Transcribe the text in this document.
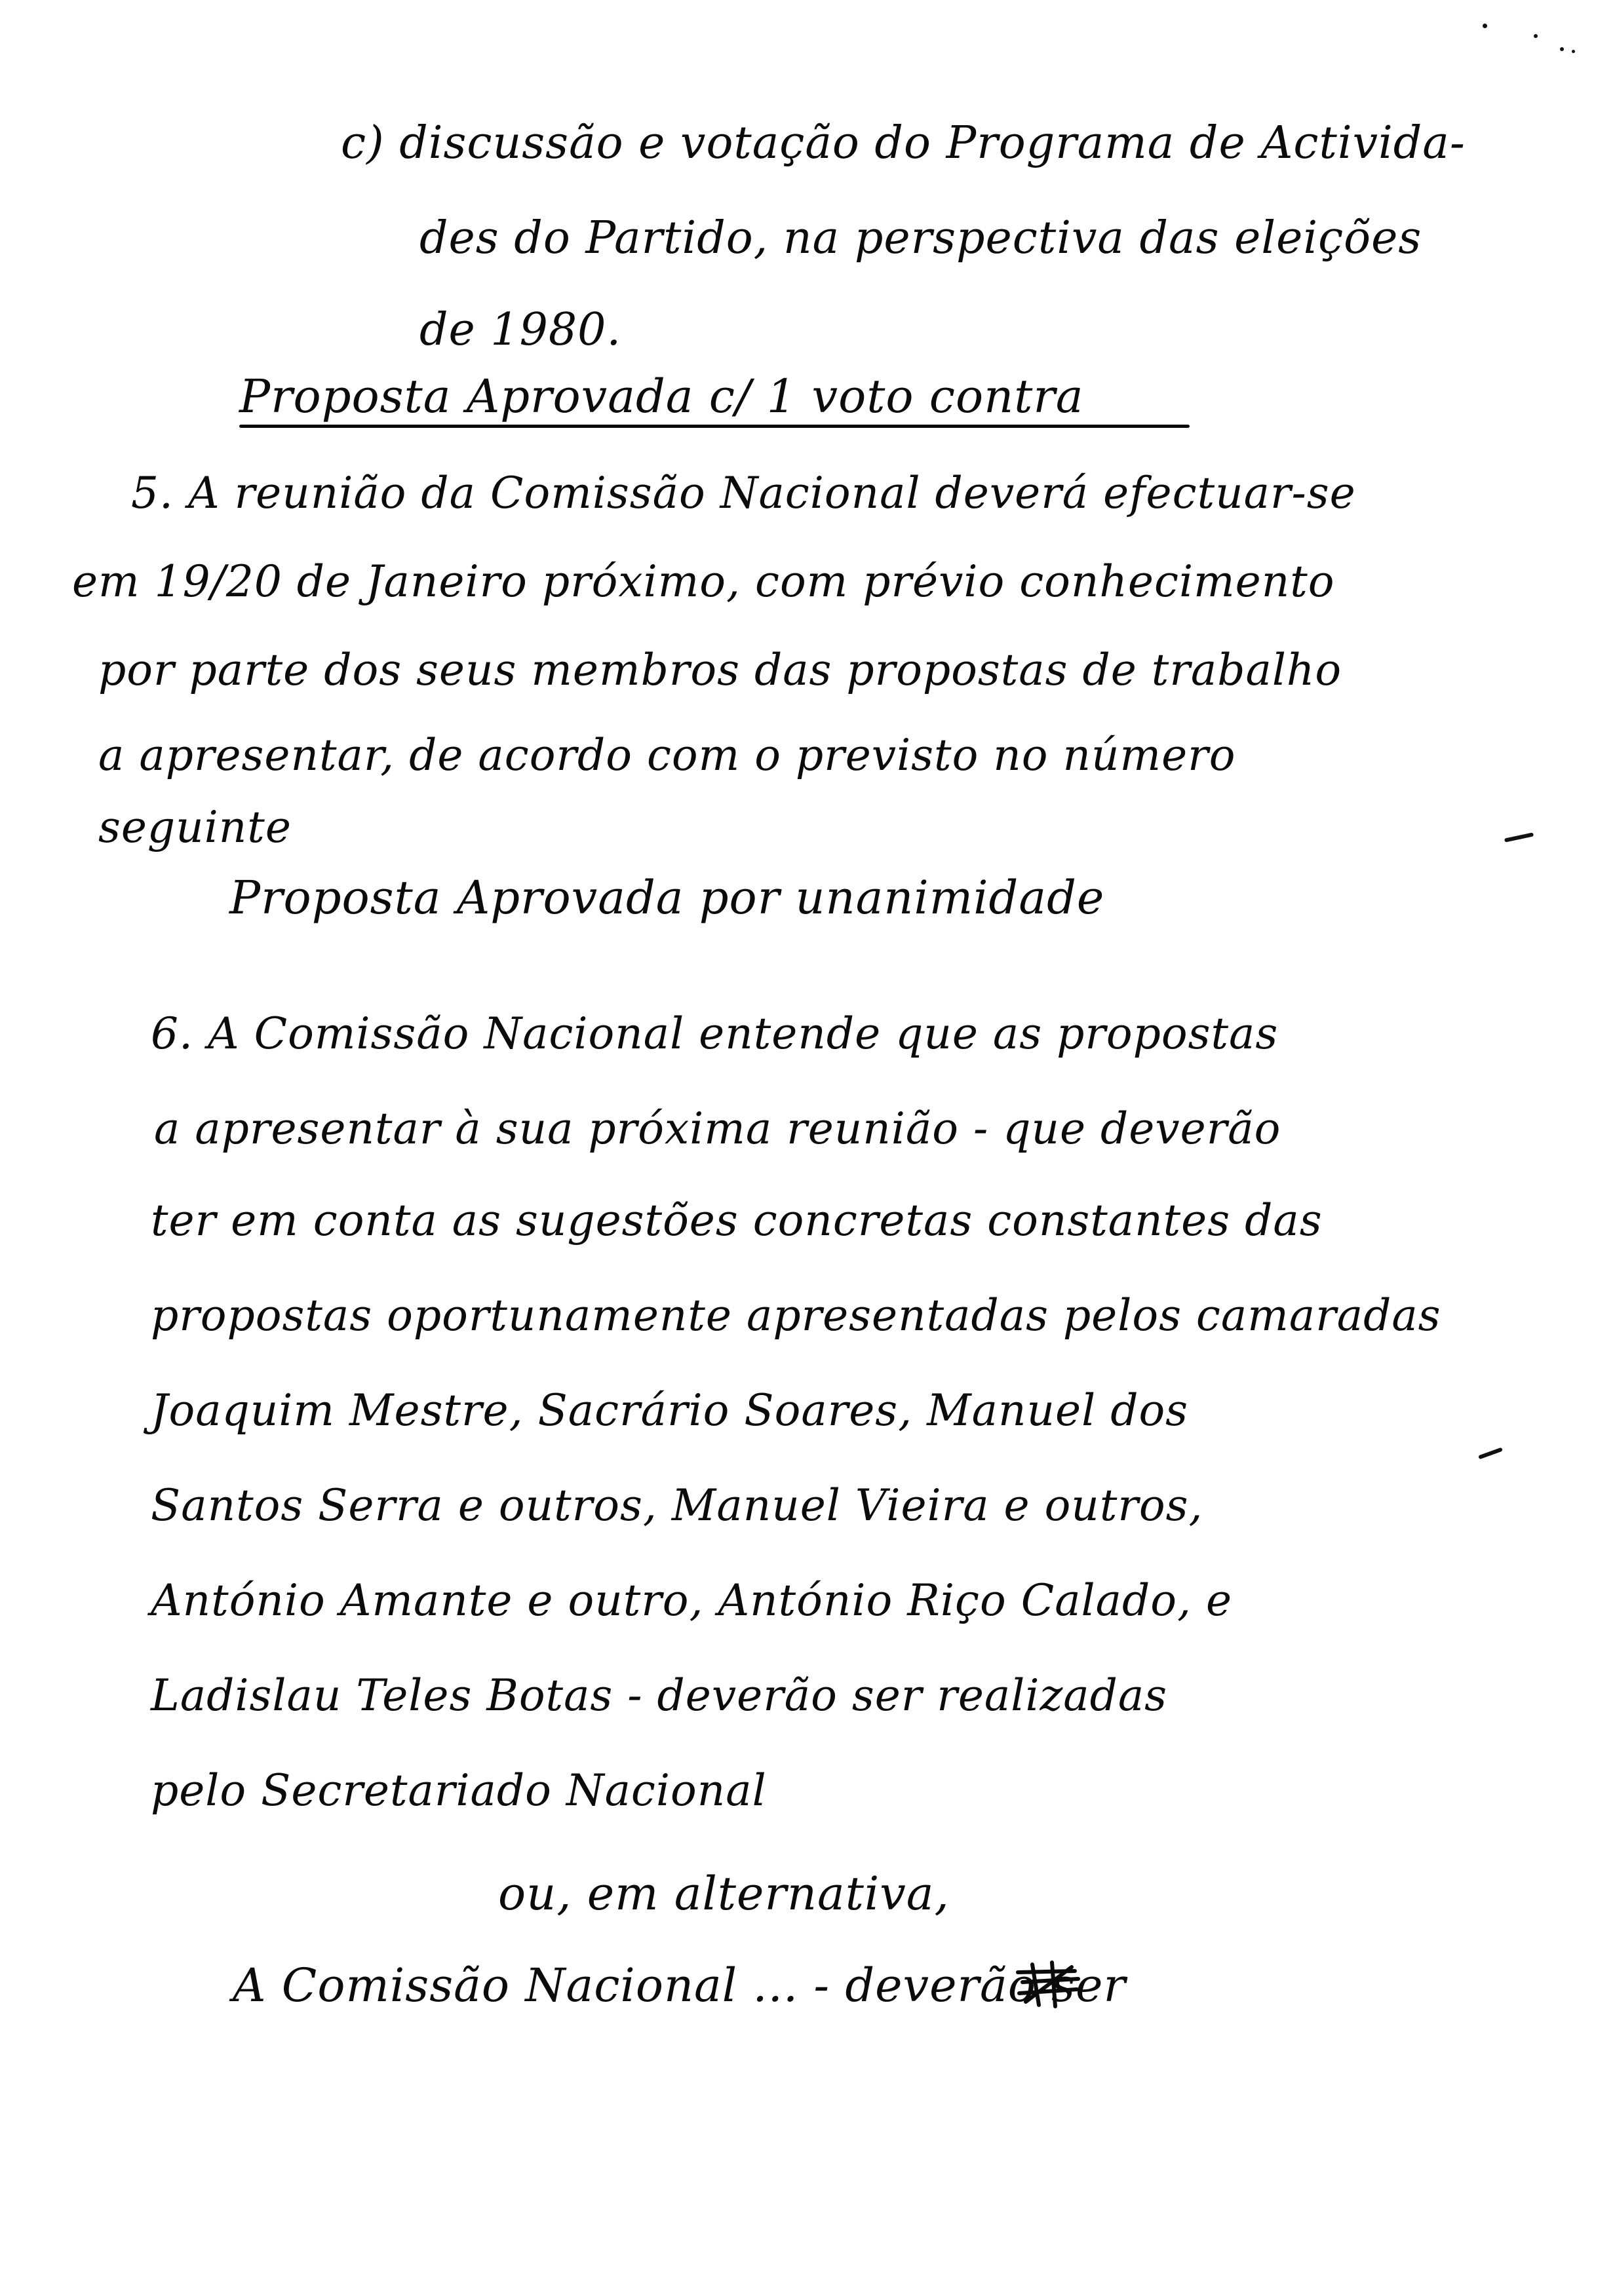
c) discussão e votação do Programa de Activida-
des do Partido, na perspectiva das eleições
de 1980.
Proposta Aprovada c/ 1 voto contra
5. A reunião da Comissão Nacional deverá efectuar-se
em 19/20 de Janeiro próximo, com prévio conhecimento
por parte dos seus membros das propostas de trabalho
a apresentar, de acordo com o previsto no número
seguinte
Proposta Aprovada por unanimidade
6. A Comissão Nacional entende que as propostas
a apresentar à sua próxima reunião - que deverão
ter em conta as sugestões concretas constantes das
propostas oportunamente apresentadas pelos camaradas
Joaquim Mestre, Sacrário Soares, Manuel dos
Santos Serra e outros, Manuel Vieira e outros,
António Amante e outro, António Riço Calado, e
Ladislau Teles Botas - deverão ser realizadas
pelo Secretariado Nacional
ou, em alternativa,
A Comissão Nacional ... - deverão ser
